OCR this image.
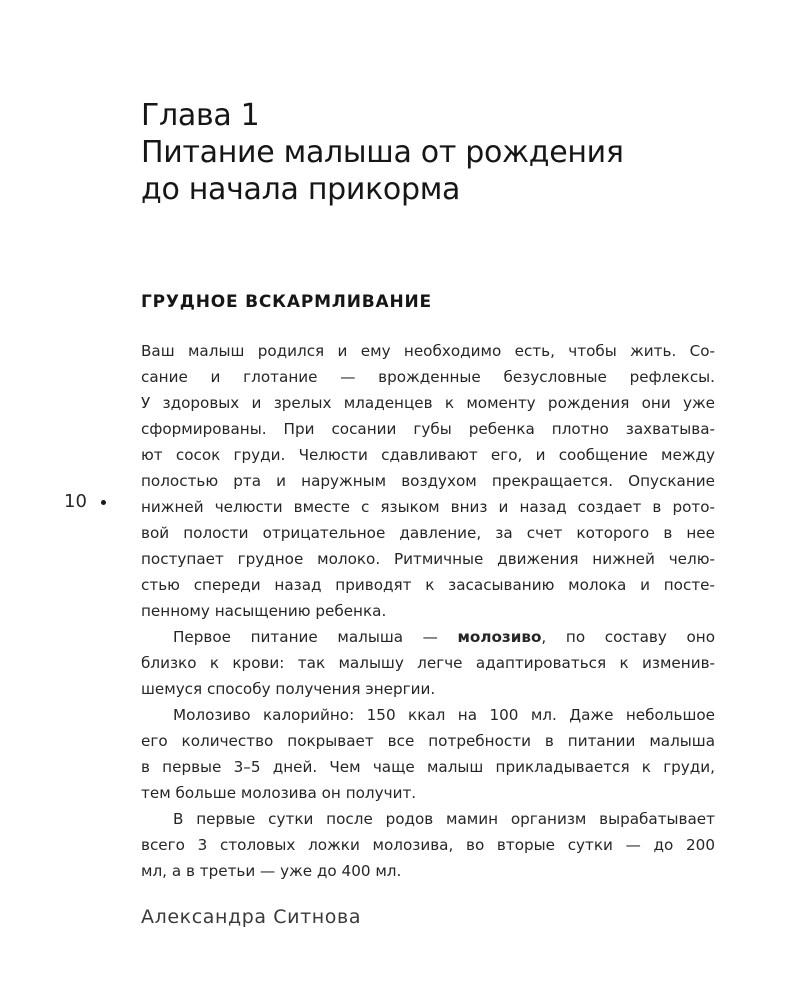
Глава 1
Питание малыша от рождения
до начала прикорма
ГРУДНОЕ ВСКАРМЛИВАНИЕ
Ваш малыш родился и ему необходимо есть, чтобы жить. Со-
сание и глотание — врожденные безусловные рефлексы.
У здоровых и зрелых младенцев к моменту рождения они уже
сформированы. При сосании губы ребенка плотно захватыва-
ют сосок груди. Челюсти сдавливают его, и сообщение между
полостью рта и наружным воздухом прекращается. Опускание
нижней челюсти вместе с языком вниз и назад создает в рото-
вой полости отрицательное давление, за счет которого в нее
поступает грудное молоко. Ритмичные движения нижней челю-
стью спереди назад приводят к засасыванию молока и посте-
пенному насыщению ребенка.
Первое питание малыша — молозиво, по составу оно
близко к крови: так малышу легче адаптироваться к изменив-
шемуся способу получения энергии.
Молозиво калорийно: 150 ккал на 100 мл. Даже небольшое
его количество покрывает все потребности в питании малыша
в первые 3–5 дней. Чем чаще малыш прикладывается к груди,
тем больше молозива он получит.
В первые сутки после родов мамин организм вырабатывает
всего 3 столовых ложки молозива, во вторые сутки — до 200
мл, а в третьи — уже до 400 мл.
10
Александра Ситнова
